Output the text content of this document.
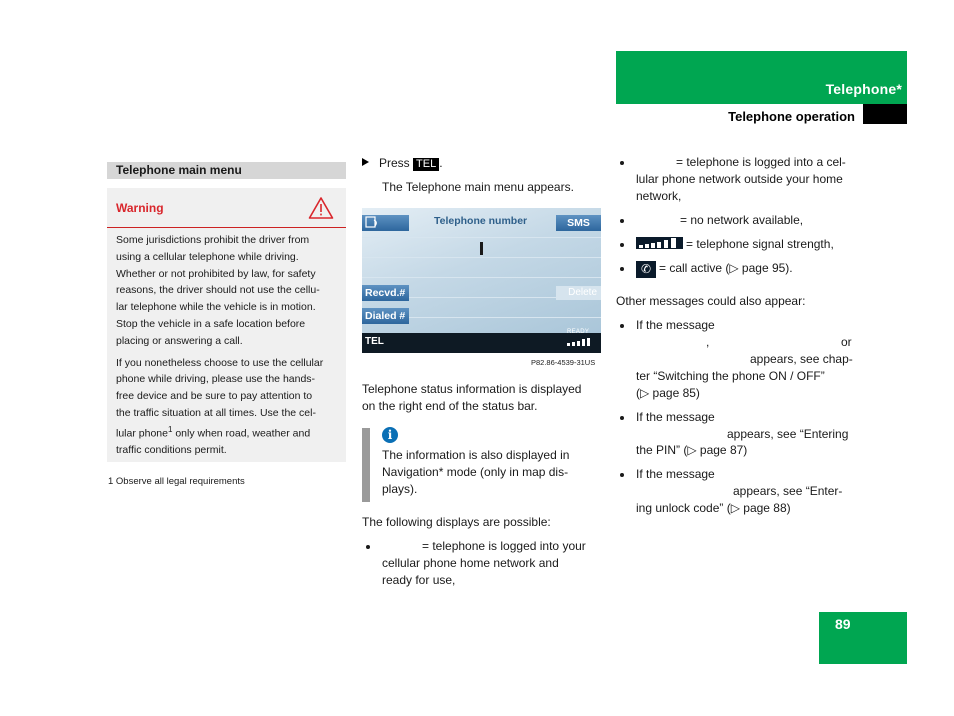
Telephone*
Telephone operation
Telephone main menu
Warning

Some jurisdictions prohibit the driver from
using a cellular telephone while driving.
Whether or not prohibited by law, for safety
reasons, the driver should not use the cellu-
lar telephone while the vehicle is in motion.
Stop the vehicle in a safe location before
placing or answering a call.

If you nonetheless choose to use the cellular
phone while driving, please use the hands-
free device and be sure to pay attention to
the traffic situation at all times. Use the cel-
lular phone$^1$ only when road, weather and
traffic conditions permit.

1 Observe all legal requirements
Press TEL .
The Telephone main menu appears.
Telephone number	SMS
Recvd.#	Delete
Dialed #
TEL
READY
P82.86-4539-31US
Telephone status information is displayed
on the right end of the status bar.
i
The information is also displayed in
Navigation* mode (only in map dis-
plays).
The following displays are possible:
= telephone is logged into your
cellular phone home network and
ready for use,
= telephone is logged into a cel-
lular phone network outside your home
network,
= no network available,
= telephone signal strength,
✆ = call active (▷ page 95).
Other messages could also appear:
If the message
,	or
appears, see chap-
ter “Switching the phone ON / OFF”
(▷ page 85)
If the message
appears, see “Entering
the PIN” (▷ page 87)
If the message
appears, see “Enter-
ing unlock code” (▷ page 88)
89
